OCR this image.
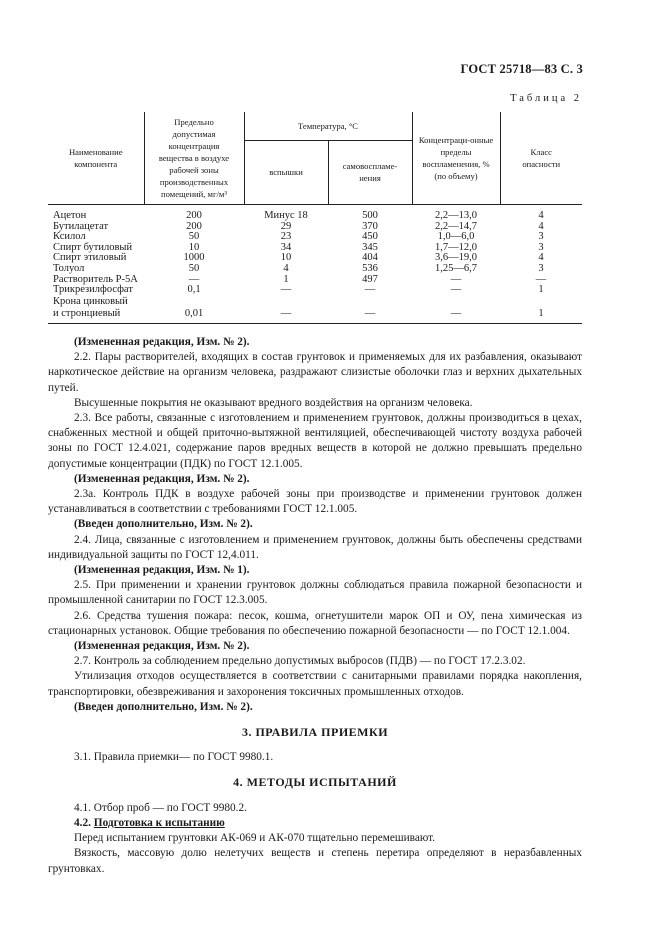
ГОСТ 25718—83 С. 3
Таблица 2
Наименование компонента	Предельно допустимая концентрация вещества в воздухе рабочей зоны производственных помещений, мг/м³	Температура, °С		Концентраци-онные пределы воспламенения, % (по объему)	Класс опасности
		вспышки	самовоспламе-нения		
Ацетон	200	Минус 18	500	2,2—13,0	4
Бутилацетат	200	29	370	2,2—14,7	4
Ксилол	50	23	450	1,0—6,0	3
Спирт бутиловый	10	34	345	1,7—12,0	3
Спирт этиловый	1000	10	404	3,6—19,0	4
Толуол	50	4	536	1,25—6,7	3
Растворитель Р-5А	—	1	497	—	—
Трикрезилфосфат	0,1	—	—	—	1
Крона цинковый
и стронциевый	0,01	—	—	—	1

(Измененная редакция, Изм. № 2).

2.2. Пары растворителей, входящих в состав грунтовок и применяемых для их разбавления, оказывают наркотическое действие на организм человека, раздражают слизистые оболочки глаз и верхних дыхательных путей.

Высушенные покрытия не оказывают вредного воздействия на организм человека.

2.3. Все работы, связанные с изготовлением и применением грунтовок, должны производиться в цехах, снабженных местной и общей приточно-вытяжной вентиляцией, обеспечивающей чистоту воздуха рабочей зоны по ГОСТ 12.4.021, содержание паров вредных веществ в которой не должно превышать предельно допустимые концентрации (ПДК) по ГОСТ 12.1.005.

(Измененная редакция, Изм. № 2).

2.3а. Контроль ПДК в воздухе рабочей зоны при производстве и применении грунтовок должен устанавливаться в соответствии с требованиями ГОСТ 12.1.005.

(Введен дополнительно, Изм. № 2).

2.4. Лица, связанные с изготовлением и применением грунтовок, должны быть обеспечены средствами индивидуальной защиты по ГОСТ 12,4.011.

(Измененная редакция, Изм. № 1).

2.5. При применении и хранении грунтовок должны соблюдаться правила пожарной безопасности и промышленной санитарии по ГОСТ 12.3.005.

2.6. Средства тушения пожара: песок, кошма, огнетушители марок ОП и ОУ, пена химическая из стационарных установок. Общие требования по обеспечению пожарной безопасности — по ГОСТ 12.1.004.

(Измененная редакция, Изм. № 2).

2.7. Контроль за соблюдением предельно допустимых выбросов (ПДВ) — по ГОСТ 17.2.3.02.

Утилизация отходов осуществляется в соответствии с санитарными правилами порядка накопления, транспортировки, обезвреживания и захоронения токсичных промышленных отходов.

(Введен дополнительно, Изм. № 2).

3. ПРАВИЛА ПРИЕМКИ

3.1. Правила приемки— по ГОСТ 9980.1.

4. МЕТОДЫ ИСПЫТАНИЙ

4.1. Отбор проб — по ГОСТ 9980.2.

4.2. Подготовка к испытанию

Перед испытанием грунтовки АК-069 и АК-070 тщательно перемешивают.

Вязкость, массовую долю нелетучих веществ и степень перетира определяют в неразбавленных грунтовках.
